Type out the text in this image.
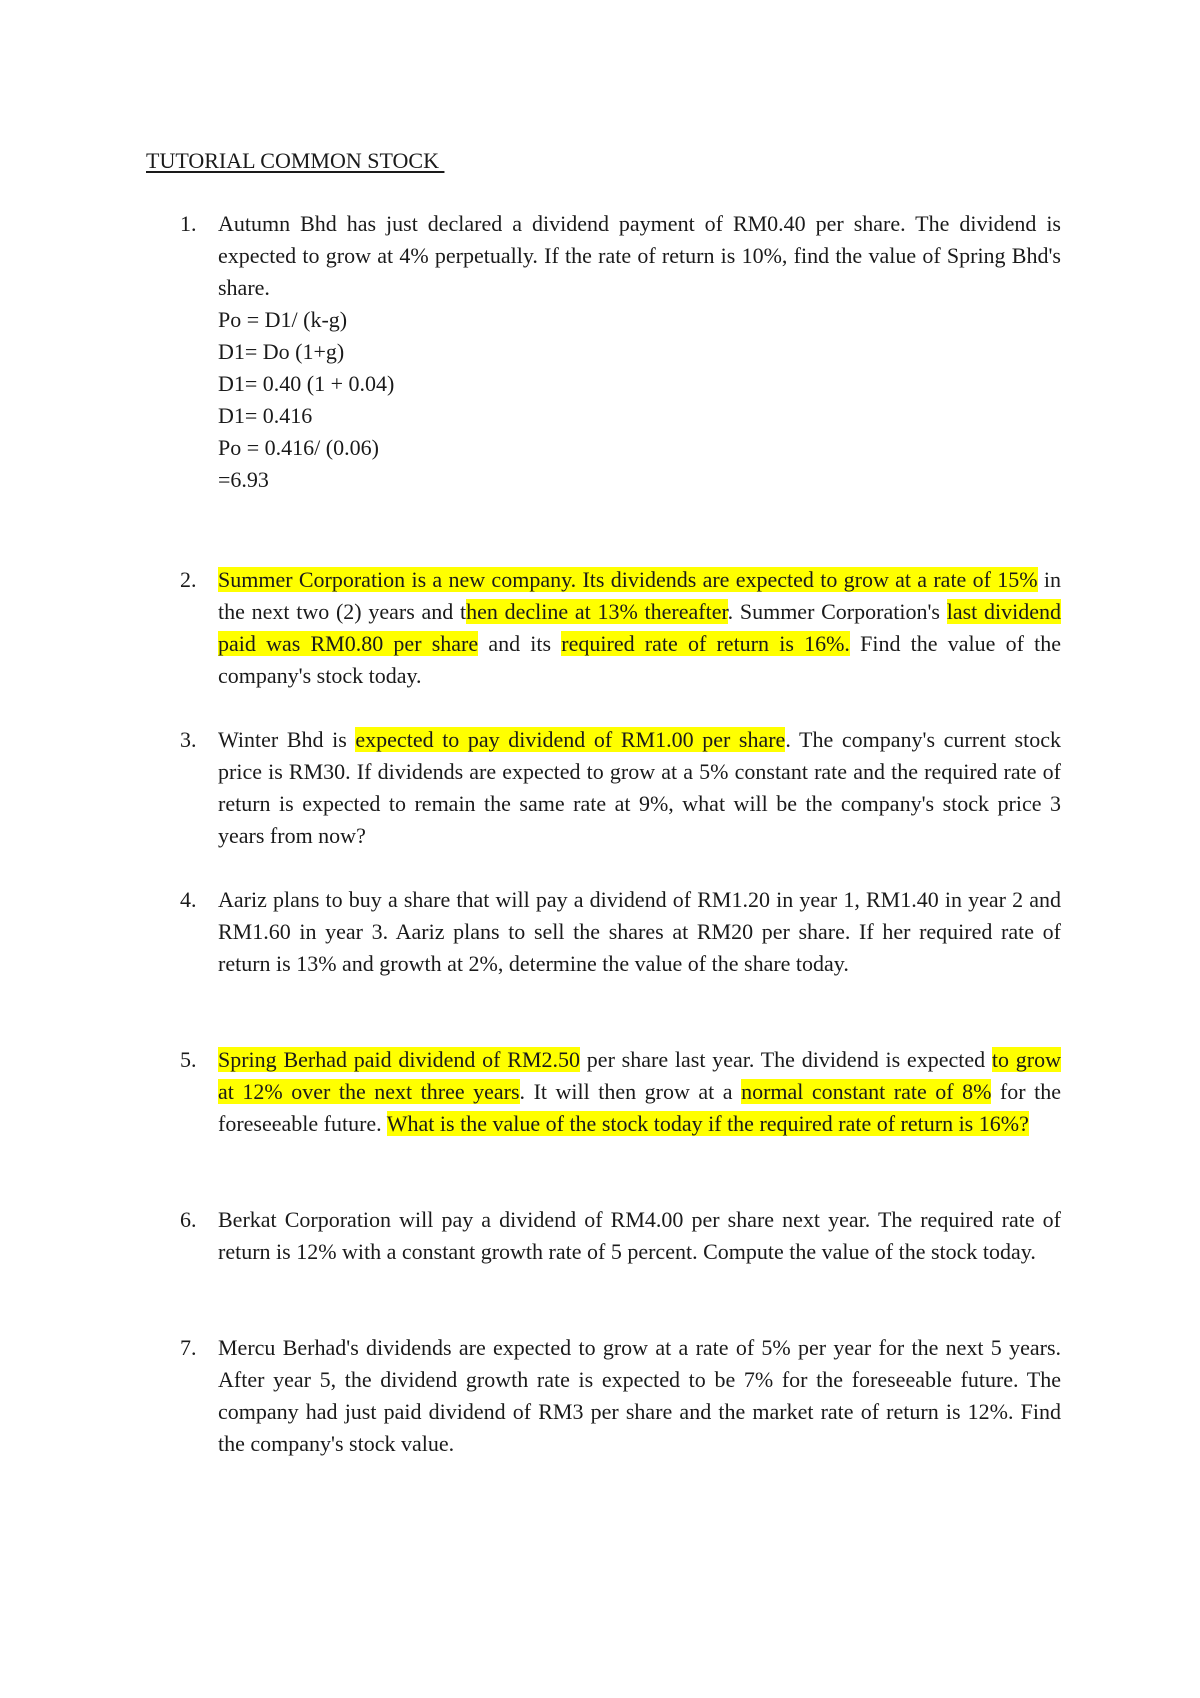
TUTORIAL COMMON STOCK
1. Autumn Bhd has just declared a dividend payment of RM0.40 per share. The dividend is expected to grow at 4% perpetually. If the rate of return is 10%, find the value of Spring Bhd's share.
Po = D1/ (k-g)
D1= Do (1+g)
D1= 0.40 (1 + 0.04)
D1= 0.416
Po = 0.416/ (0.06)
=6.93
2. Summer Corporation is a new company. Its dividends are expected to grow at a rate of 15% in the next two (2) years and then decline at 13% thereafter. Summer Corporation's last dividend paid was RM0.80 per share and its required rate of return is 16%. Find the value of the company's stock today.
3. Winter Bhd is expected to pay dividend of RM1.00 per share. The company's current stock price is RM30. If dividends are expected to grow at a 5% constant rate and the required rate of return is expected to remain the same rate at 9%, what will be the company's stock price 3 years from now?
4. Aariz plans to buy a share that will pay a dividend of RM1.20 in year 1, RM1.40 in year 2 and RM1.60 in year 3. Aariz plans to sell the shares at RM20 per share. If her required rate of return is 13% and growth at 2%, determine the value of the share today.
5. Spring Berhad paid dividend of RM2.50 per share last year. The dividend is expected to grow at 12% over the next three years. It will then grow at a normal constant rate of 8% for the foreseeable future. What is the value of the stock today if the required rate of return is 16%?
6. Berkat Corporation will pay a dividend of RM4.00 per share next year. The required rate of return is 12% with a constant growth rate of 5 percent. Compute the value of the stock today.
7. Mercu Berhad's dividends are expected to grow at a rate of 5% per year for the next 5 years. After year 5, the dividend growth rate is expected to be 7% for the foreseeable future. The company had just paid dividend of RM3 per share and the market rate of return is 12%. Find the company's stock value.
